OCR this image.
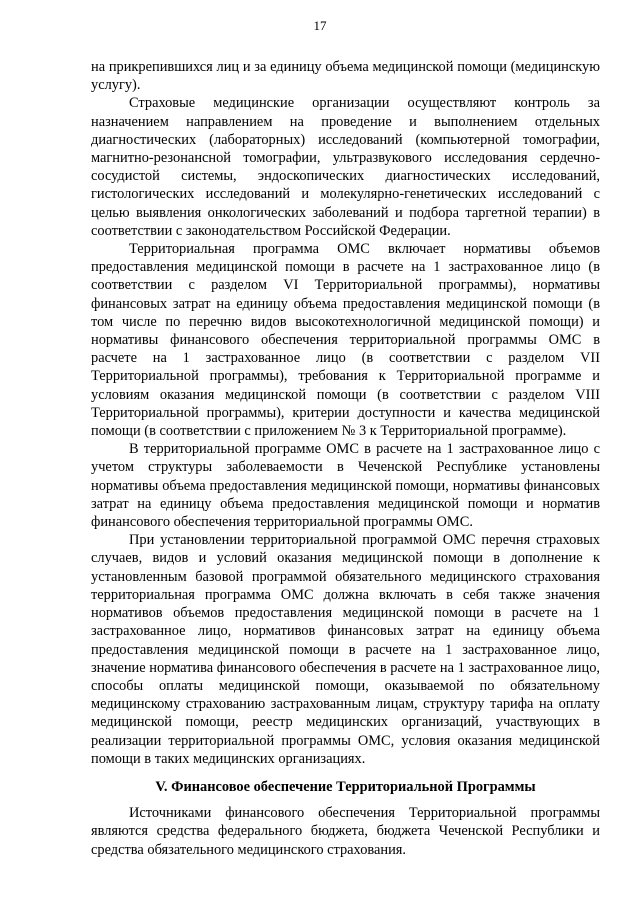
17

на прикрепившихся лиц и за единицу объема медицинской помощи (медицинскую услугу).

Страховые медицинские организации осуществляют контроль за назначением направлением на проведение и выполнением отдельных диагностических (лабораторных) исследований (компьютерной томографии, магнитно-резонансной томографии, ультразвукового исследования сердечно-сосудистой системы, эндоскопических диагностических исследований, гистологических исследований и молекулярно-генетических исследований с целью выявления онкологических заболеваний и подбора таргетной терапии) в соответствии с законодательством Российской Федерации.

Территориальная программа ОМС включает нормативы объемов предоставления медицинской помощи в расчете на 1 застрахованное лицо (в соответствии с разделом VI Территориальной программы), нормативы финансовых затрат на единицу объема предоставления медицинской помощи (в том числе по перечню видов высокотехнологичной медицинской помощи) и нормативы финансового обеспечения территориальной программы ОМС в расчете на 1 застрахованное лицо (в соответствии с разделом VII Территориальной программы), требования к Территориальной программе и условиям оказания медицинской помощи (в соответствии с разделом VIII Территориальной программы), критерии доступности и качества медицинской помощи (в соответствии с приложением № 3 к Территориальной программе).

В территориальной программе ОМС в расчете на 1 застрахованное лицо с учетом структуры заболеваемости в Чеченской Республике установлены нормативы объема предоставления медицинской помощи, нормативы финансовых затрат на единицу объема предоставления медицинской помощи и норматив финансового обеспечения территориальной программы ОМС.

При установлении территориальной программой ОМС перечня страховых случаев, видов и условий оказания медицинской помощи в дополнение к установленным базовой программой обязательного медицинского страхования территориальная программа ОМС должна включать в себя также значения нормативов объемов предоставления медицинской помощи в расчете на 1 застрахованное лицо, нормативов финансовых затрат на единицу объема предоставления медицинской помощи в расчете на 1 застрахованное лицо, значение норматива финансового обеспечения в расчете на 1 застрахованное лицо, способы оплаты медицинской помощи, оказываемой по обязательному медицинскому страхованию застрахованным лицам, структуру тарифа на оплату медицинской помощи, реестр медицинских организаций, участвующих в реализации территориальной программы ОМС, условия оказания медицинской помощи в таких медицинских организациях.

V. Финансовое обеспечение Территориальной Программы

Источниками финансового обеспечения Территориальной программы являются средства федерального бюджета, бюджета Чеченской Республики и средства обязательного медицинского страхования.
